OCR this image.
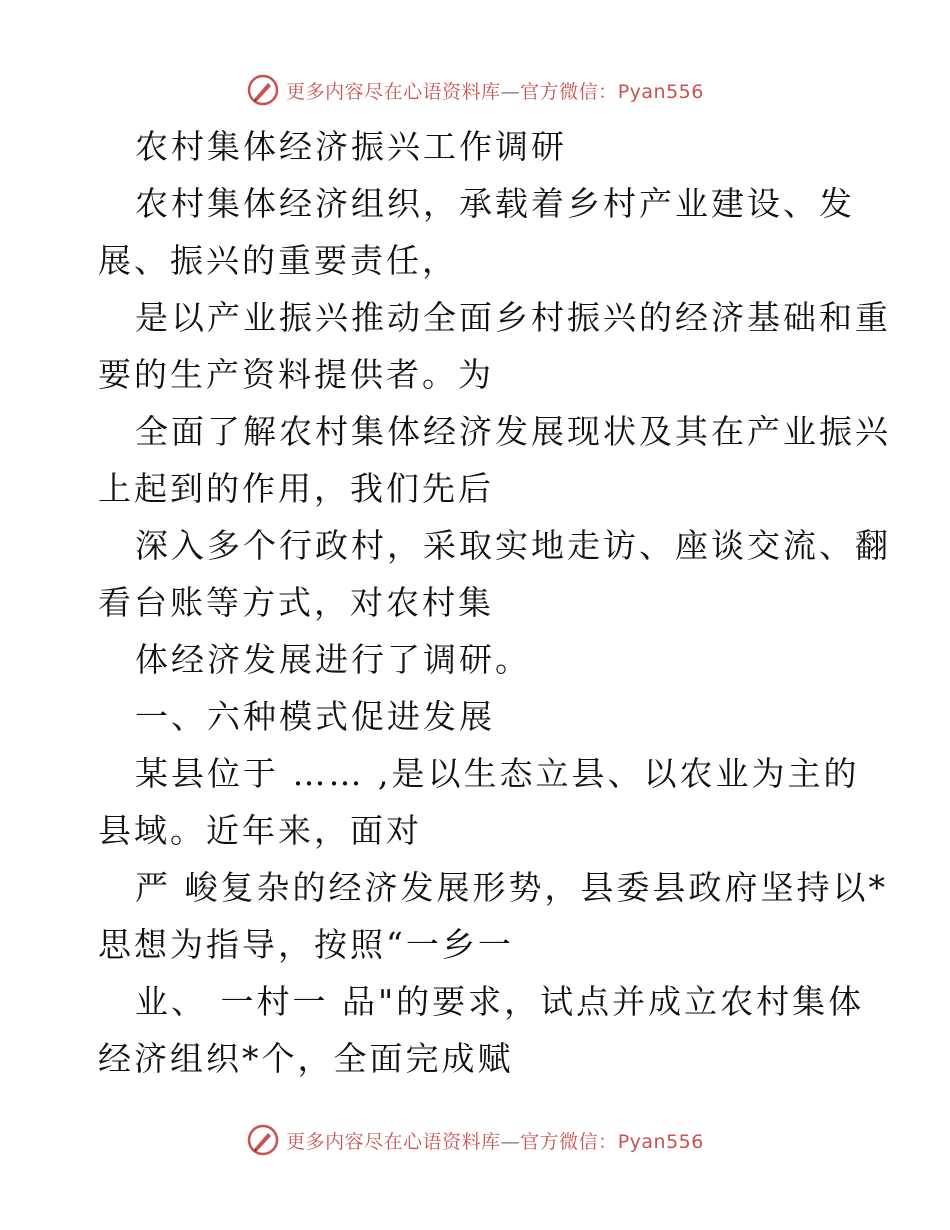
更多内容尽在心语资料库—官方微信：Pyan556
农村集体经济振兴工作调研
农村集体经济组织，承载着乡村产业建设、发
展、振兴的重要责任，
是以产业振兴推动全面乡村振兴的经济基础和重
要的生产资料提供者。为
全面了解农村集体经济发展现状及其在产业振兴
上起到的作用，我们先后
深入多个行政村，采取实地走访、座谈交流、翻
看台账等方式，对农村集
体经济发展进行了调研。
一、六种模式促进发展
某县位于 …… ,是以生态立县、以农业为主的
县域。近年来，面对
严 峻复杂的经济发展形势，县委县政府坚持以*
思想为指导，按照“一乡一
业、 一村一 品"的要求，试点并成立农村集体
经济组织*个，全面完成赋
更多内容尽在心语资料库—官方微信：Pyan556
